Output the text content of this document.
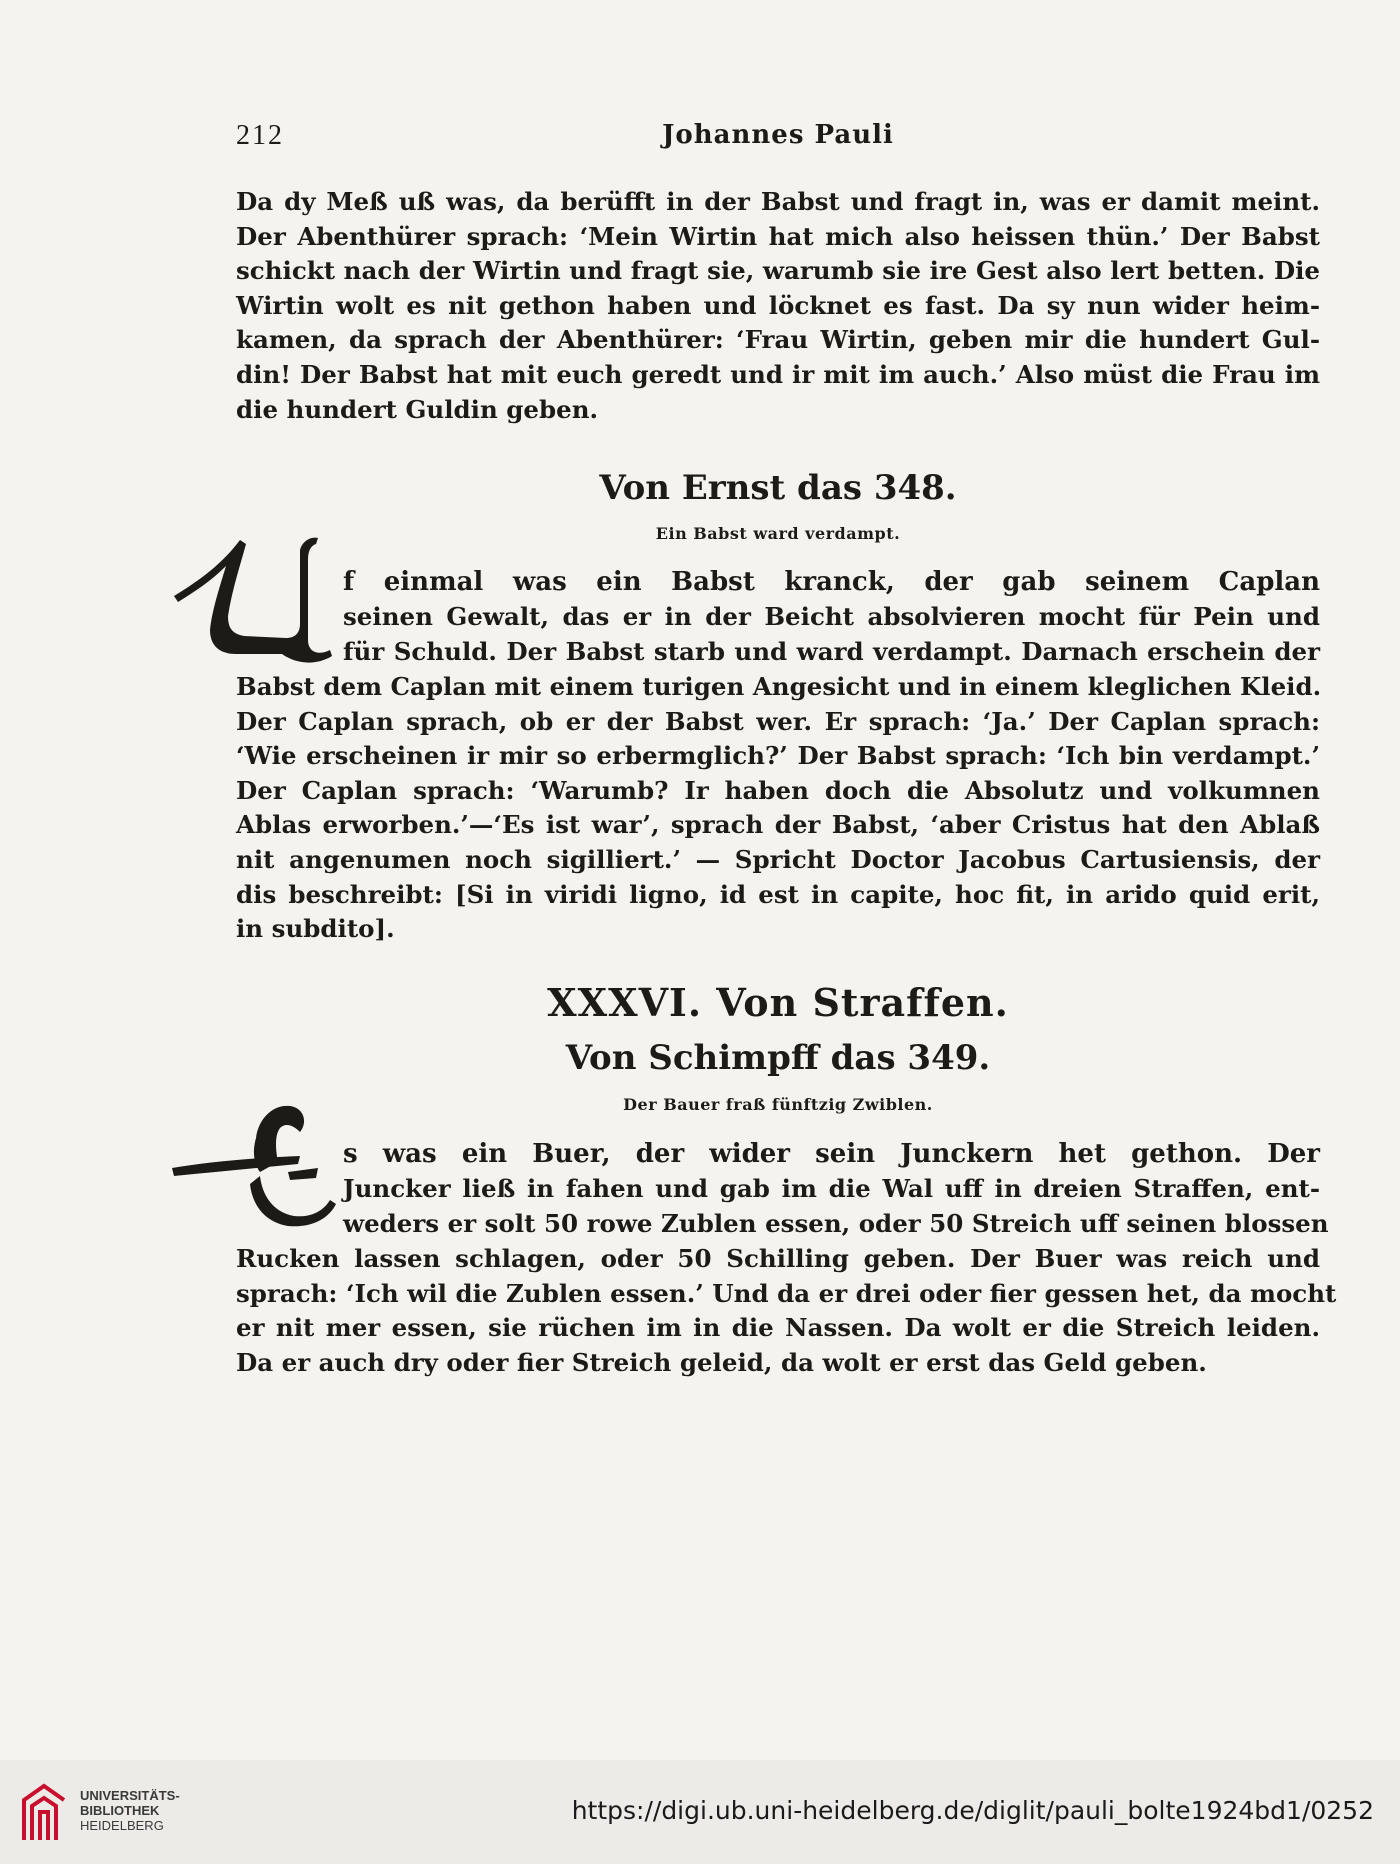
212	Johannes Pauli
Da dy Meß uß was, da berüfft in der Babst und fragt in, was er damit meint.
Der Abenthürer sprach: ‘Mein Wirtin hat mich also heissen thün.’ Der Babst
schickt nach der Wirtin und fragt sie, warumb sie ire Gest also lert betten. Die
Wirtin wolt es nit gethon haben und löcknet es fast. Da sy nun wider heim-
kamen, da sprach der Abenthürer: ‘Frau Wirtin, geben mir die hundert Gul-
din! Der Babst hat mit euch geredt und ir mit im auch.’ Also müst die Frau im
die hundert Guldin geben.
Von Ernst das 348.
Ein Babst ward verdampt.
f einmal was ein Babst kranck, der gab seinem Caplan
seinen Gewalt, das er in der Beicht absolvieren mocht für Pein und
für Schuld. Der Babst starb und ward verdampt. Darnach erschein der
Babst dem Caplan mit einem turigen Angesicht und in einem kleglichen Kleid.
Der Caplan sprach, ob er der Babst wer. Er sprach: ‘Ja.’ Der Caplan sprach:
‘Wie erscheinen ir mir so erbermglich?’ Der Babst sprach: ‘Ich bin verdampt.’
Der Caplan sprach: ‘Warumb? Ir haben doch die Absolutz und volkumnen
Ablas erworben.’—‘Es ist war’, sprach der Babst, ‘aber Cristus hat den Ablaß
nit angenumen noch sigilliert.’ — Spricht Doctor Jacobus Cartusiensis, der
dis beschreibt: [Si in viridi ligno, id est in capite, hoc fit, in arido quid erit,
in subdito].
XXXVI. Von Straffen.
Von Schimpff das 349.
Der Bauer fraß fünftzig Zwiblen.
s was ein Buer, der wider sein Junckern het gethon. Der
Juncker ließ in fahen und gab im die Wal uff in dreien Straffen, ent-
weders er solt 50 rowe Zublen essen, oder 50 Streich uff seinen blossen
Rucken lassen schlagen, oder 50 Schilling geben. Der Buer was reich und
sprach: ‘Ich wil die Zublen essen.’ Und da er drei oder fier gessen het, da mocht
er nit mer essen, sie rüchen im in die Nassen. Da wolt er die Streich leiden.
Da er auch dry oder fier Streich geleid, da wolt er erst das Geld geben.
UNIVERSITÄTS-
BIBLIOTHEK
HEIDELBERG
https://digi.ub.uni-heidelberg.de/diglit/pauli_bolte1924bd1/0252
